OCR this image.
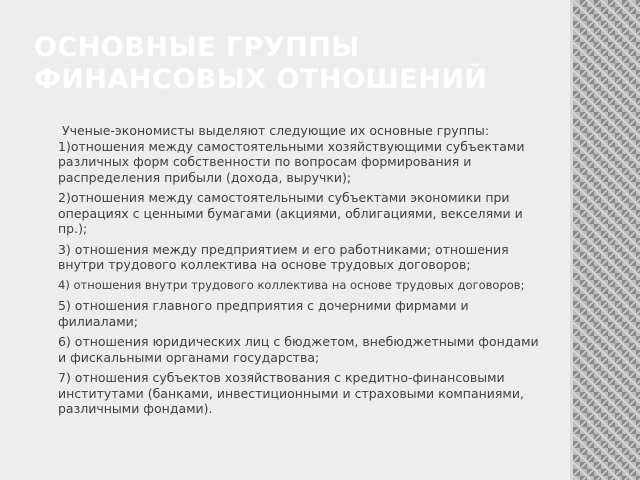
ОСНОВНЫЕ ГРУППЫ ФИНАНСОВЫХ ОТНОШЕНИЙ

Ученые-экономисты выделяют следующие их основные группы:

1)отношения между самостоятельными хозяйствующими субъектами различных форм собственности по вопросам формирования и распределения прибыли (дохода, выручки);

2)отношения между самостоятельными субъектами экономики при операциях с ценными бумагами (акциями, облигациями, векселями и пр.);

3) отношения между предприятием и его работниками; отношения внутри трудового коллектива на основе трудовых договоров;

4) отношения внутри трудового коллектива на основе трудовых договоров;

5) отношения главного предприятия с дочерними фирмами и филиалами;

6) отношения юридических лиц с бюджетом, внебюджетными фондами и фискальными органами государства;

7) отношения субъектов хозяйствования с кредитно-финансовыми институтами (банками, инвестиционными и страховыми компаниями, различными фондами).
